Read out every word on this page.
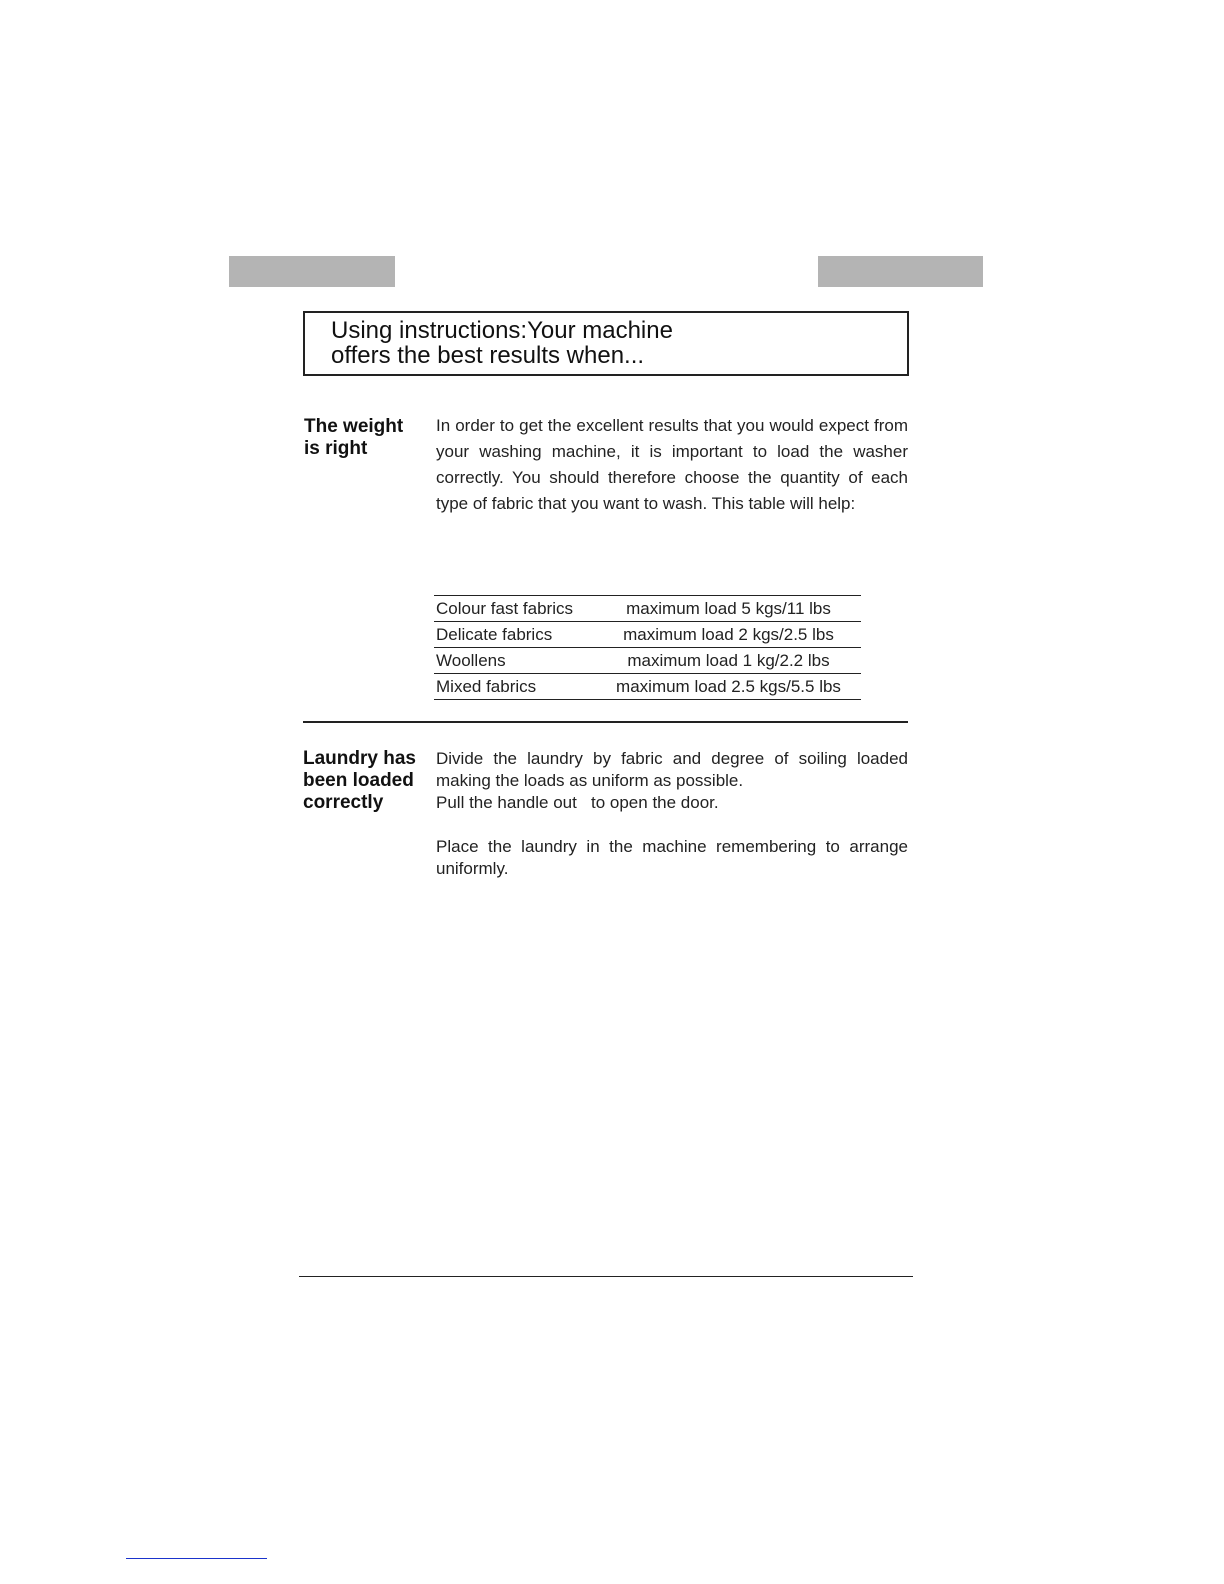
Using instructions:Your machine
offers the best results when...
The weight
is right
In order to get the excellent results that you would expect from your washing machine, it is important to load the washer correctly. You should therefore choose the quantity of each type of fabric that you want to wash. This table will help:
Colour fast fabrics	maximum load 5 kgs/11 lbs
Delicate fabrics	maximum load 2 kgs/2.5 lbs
Woollens	maximum load 1 kg/2.2 lbs
Mixed fabrics	maximum load 2.5 kgs/5.5 lbs
Laundry has
been loaded
correctly
Divide the laundry by fabric and degree of soiling loaded
making the loads as uniform as possible.
Pull the handle out   to open the door.
Place the laundry in the machine remembering to arrange uniformly.
